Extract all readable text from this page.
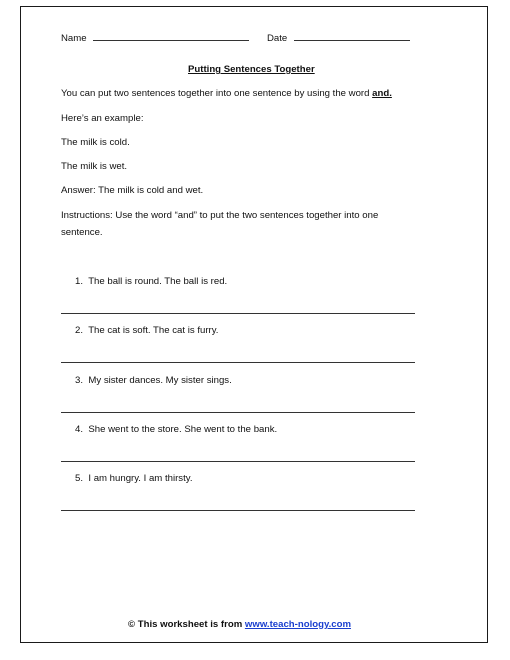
Name	Date
Putting Sentences Together
You can put two sentences together into one sentence by using the word and.
Here’s an example:
The milk is cold.
The milk is wet.
Answer: The milk is cold and wet.
Instructions: Use the word “and” to put the two sentences together into one
sentence.
1. The ball is round. The ball is red.
2. The cat is soft. The cat is furry.
3. My sister dances. My sister sings.
4. She went to the store. She went to the bank.
5.  I am hungry. I am thirsty.
© This worksheet is from www.teach-nology.com
